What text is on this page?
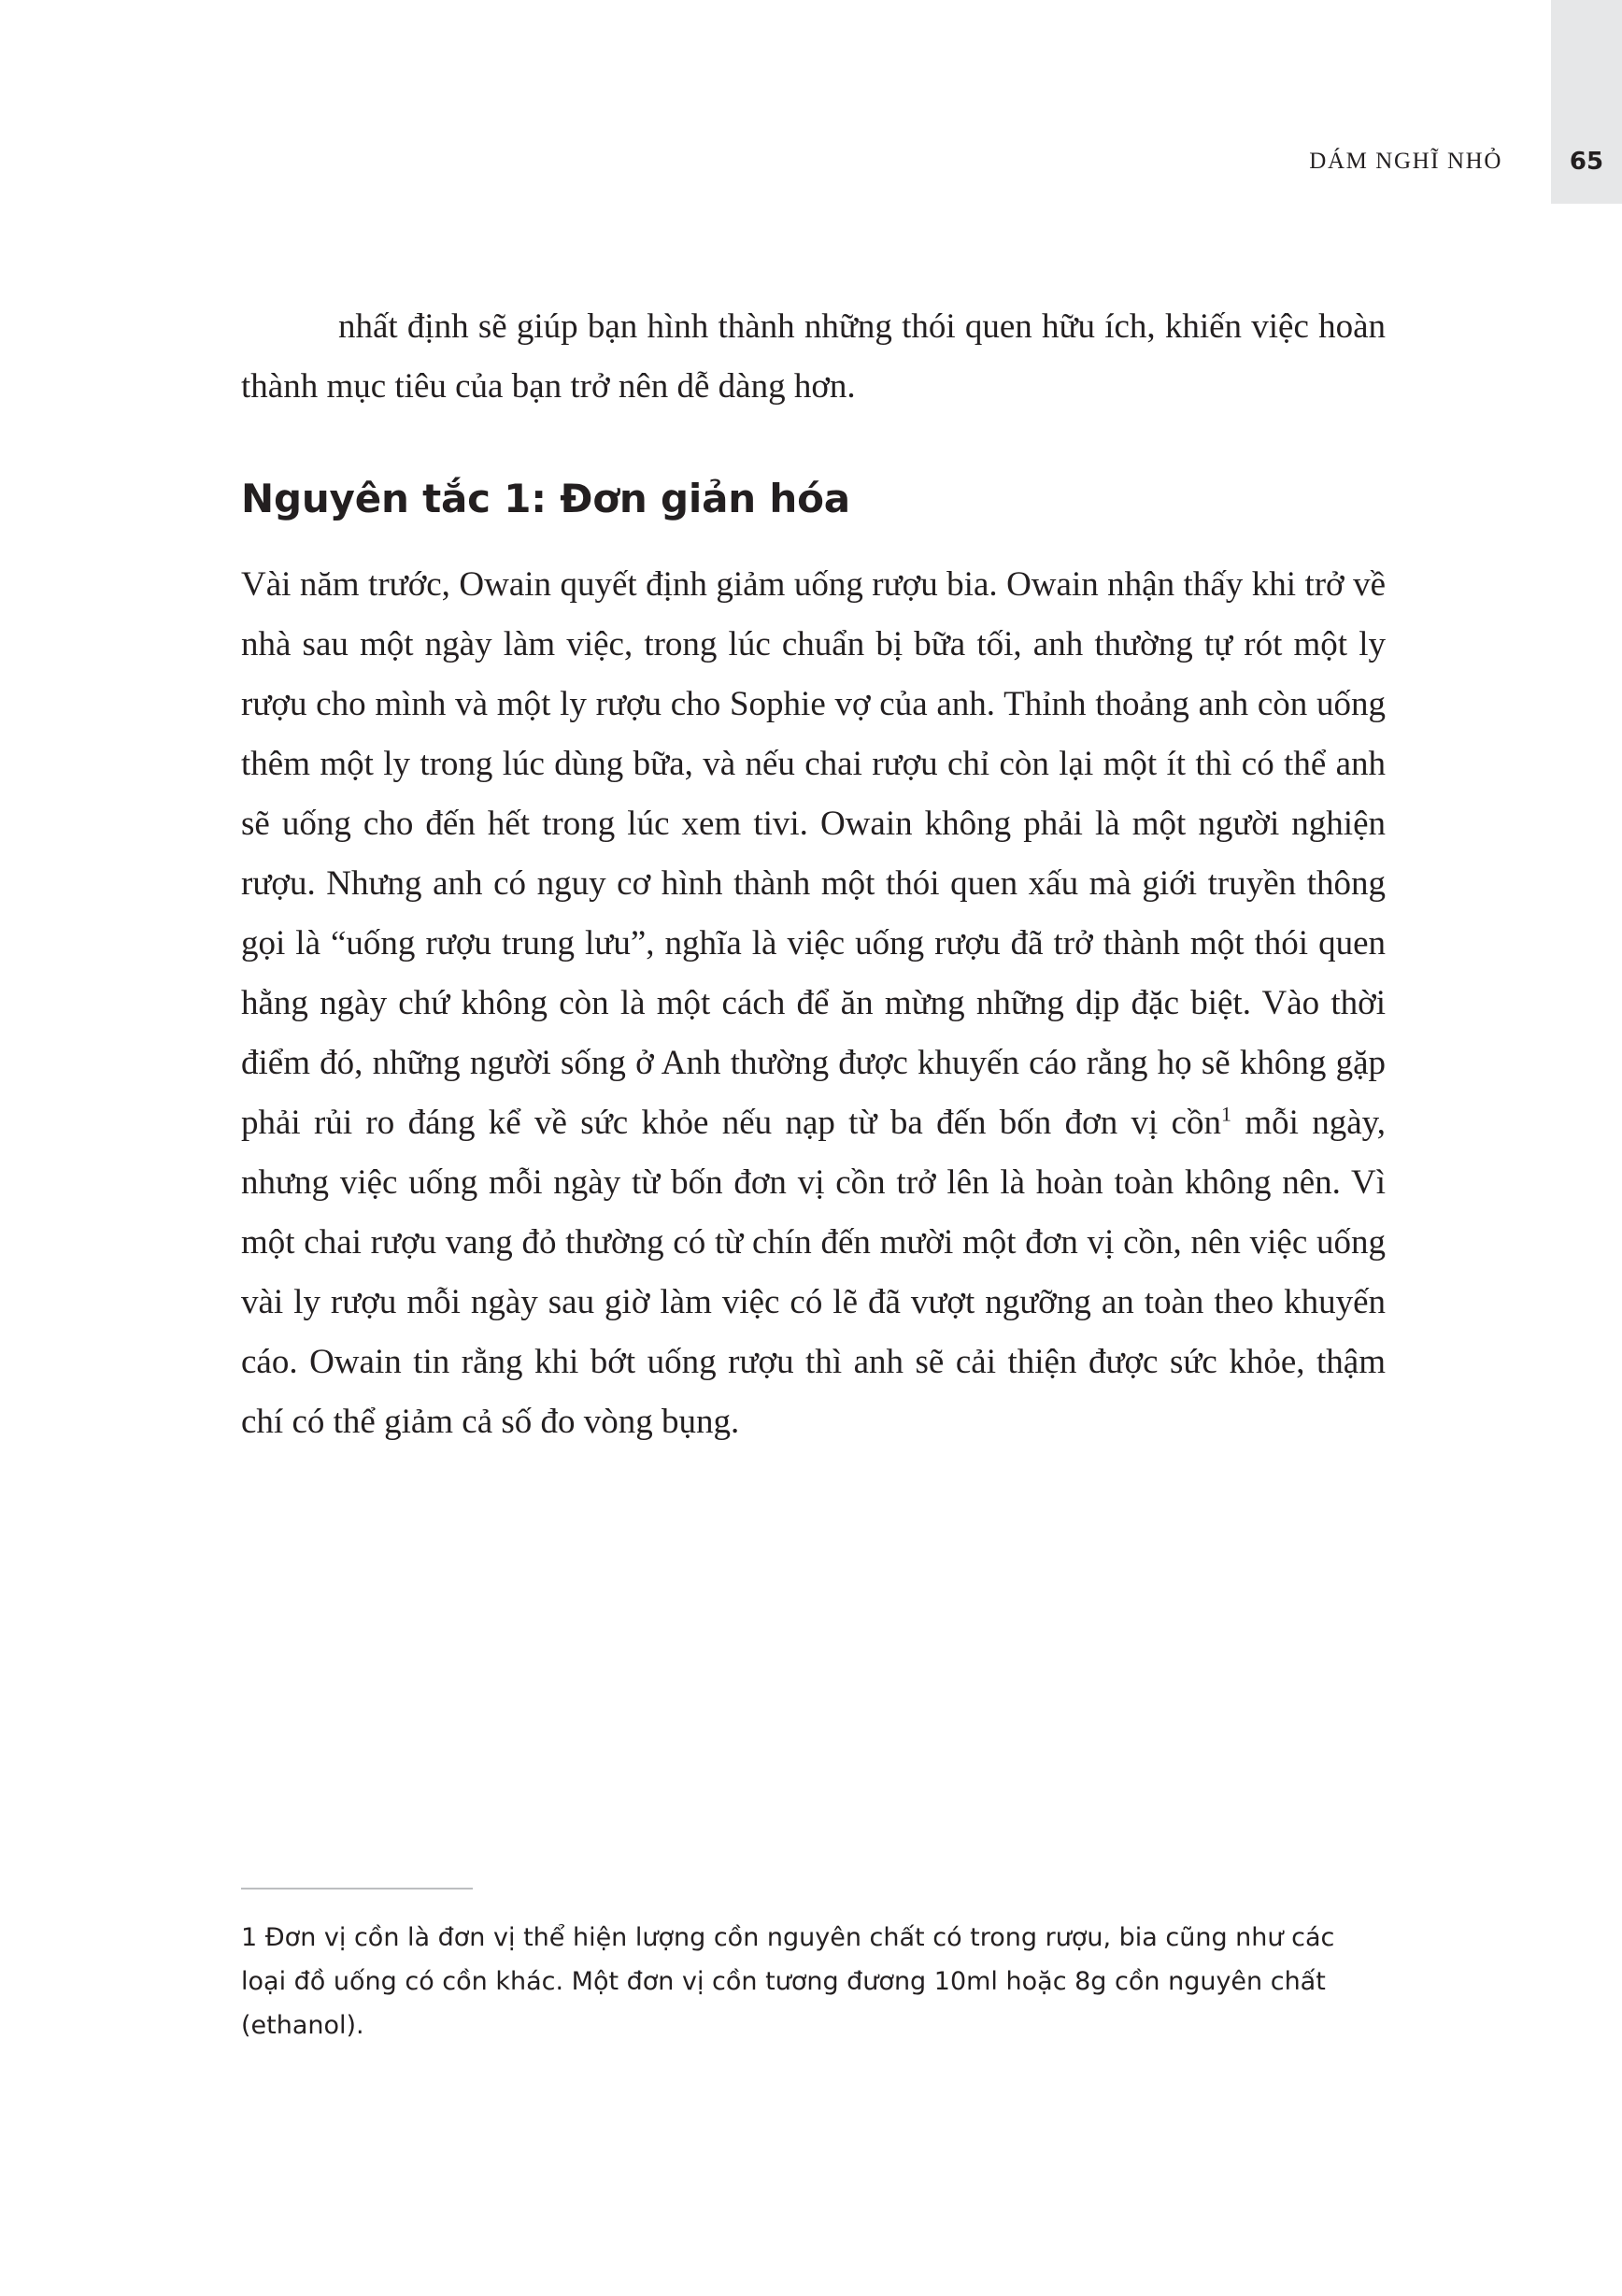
DÁM NGHĨ NHỎ	65

nhất định sẽ giúp bạn hình thành những thói quen hữu ích, khiến việc hoàn thành mục tiêu của bạn trở nên dễ dàng hơn.

Nguyên tắc 1: Đơn giản hóa

Vài năm trước, Owain quyết định giảm uống rượu bia. Owain nhận thấy khi trở về nhà sau một ngày làm việc, trong lúc chuẩn bị bữa tối, anh thường tự rót một ly rượu cho mình và một ly rượu cho Sophie vợ của anh. Thỉnh thoảng anh còn uống thêm một ly trong lúc dùng bữa, và nếu chai rượu chỉ còn lại một ít thì có thể anh sẽ uống cho đến hết trong lúc xem tivi. Owain không phải là một người nghiện rượu. Nhưng anh có nguy cơ hình thành một thói quen xấu mà giới truyền thông gọi là “uống rượu trung lưu”, nghĩa là việc uống rượu đã trở thành một thói quen hằng ngày chứ không còn là một cách để ăn mừng những dịp đặc biệt. Vào thời điểm đó, những người sống ở Anh thường được khuyến cáo rằng họ sẽ không gặp phải rủi ro đáng kể về sức khỏe nếu nạp từ ba đến bốn đơn vị cồn$^1$ mỗi ngày, nhưng việc uống mỗi ngày từ bốn đơn vị cồn trở lên là hoàn toàn không nên. Vì một chai rượu vang đỏ thường có từ chín đến mười một đơn vị cồn, nên việc uống vài ly rượu mỗi ngày sau giờ làm việc có lẽ đã vượt ngưỡng an toàn theo khuyến cáo. Owain tin rằng khi bớt uống rượu thì anh sẽ cải thiện được sức khỏe, thậm chí có thể giảm cả số đo vòng bụng.

1 Đơn vị cồn là đơn vị thể hiện lượng cồn nguyên chất có trong rượu, bia cũng như các loại đồ uống có cồn khác. Một đơn vị cồn tương đương 10ml hoặc 8g cồn nguyên chất (ethanol).
